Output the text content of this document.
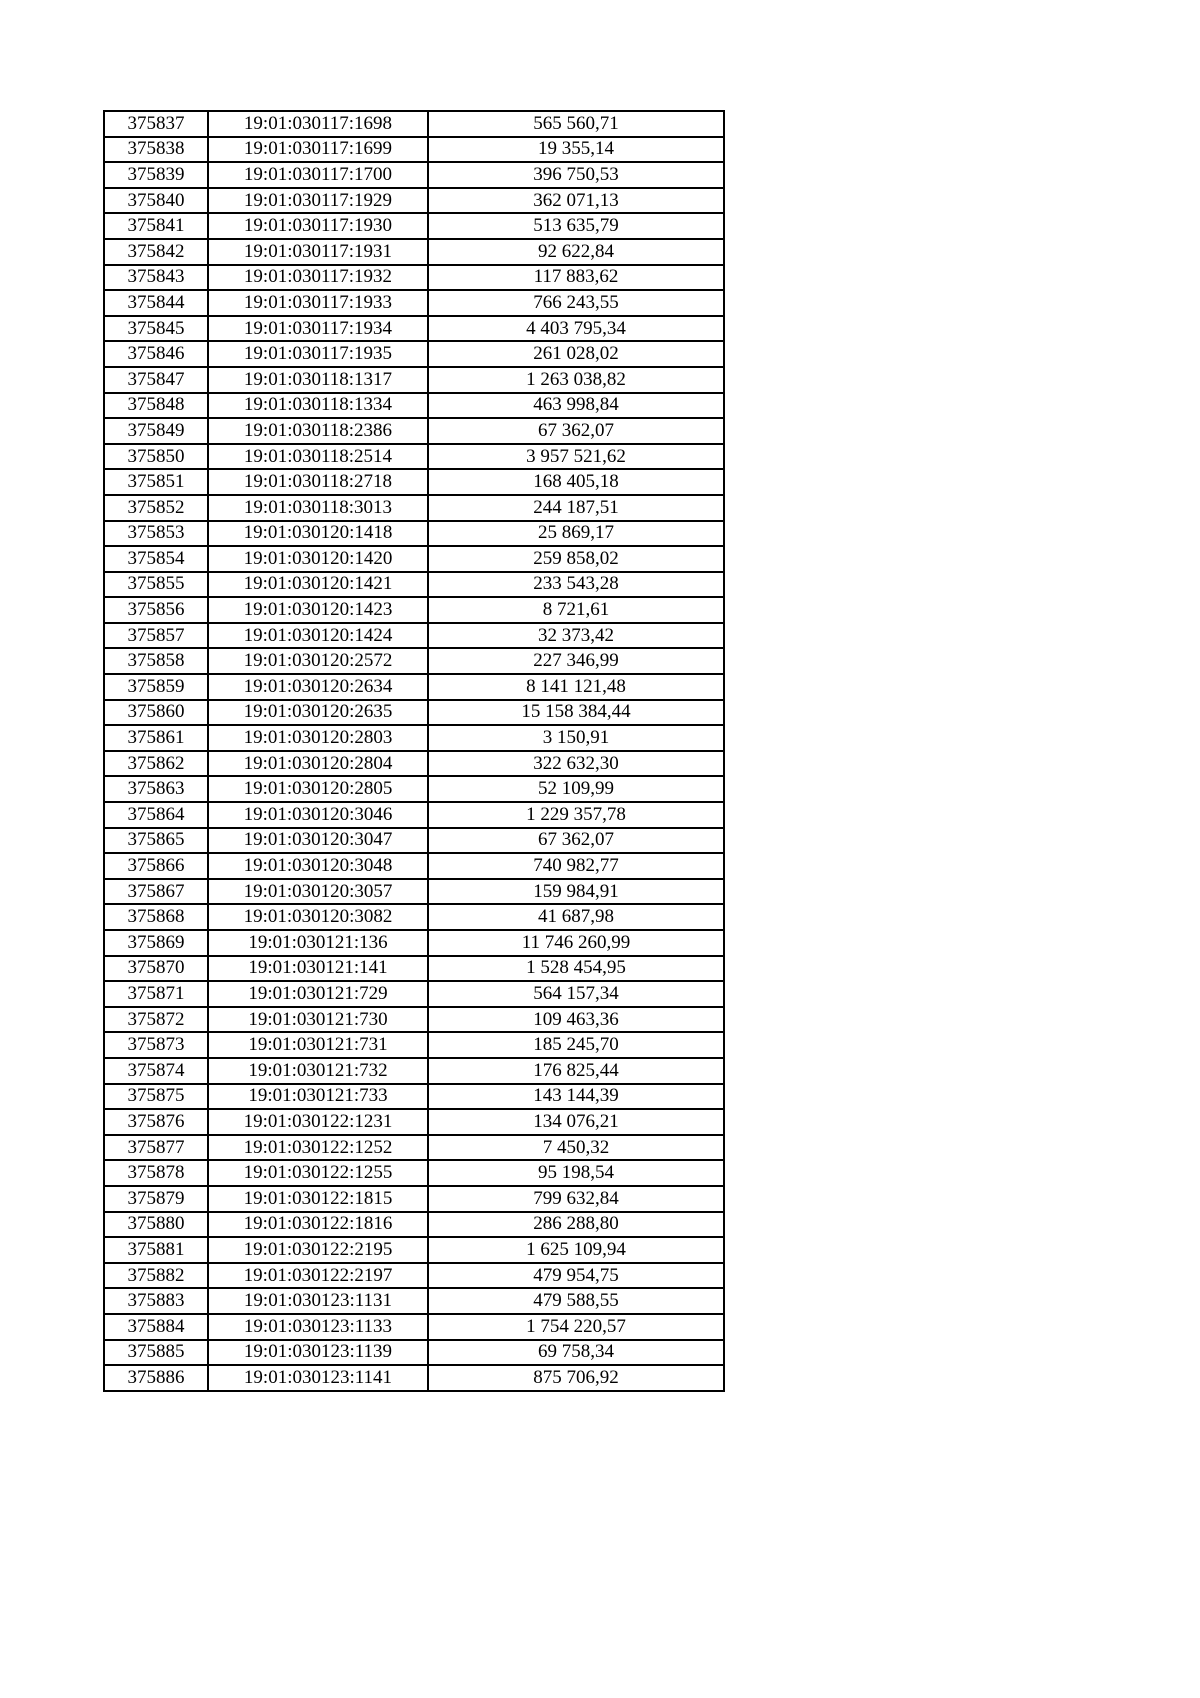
375837	19:01:030117:1698	565 560,71
375838	19:01:030117:1699	19 355,14
375839	19:01:030117:1700	396 750,53
375840	19:01:030117:1929	362 071,13
375841	19:01:030117:1930	513 635,79
375842	19:01:030117:1931	92 622,84
375843	19:01:030117:1932	117 883,62
375844	19:01:030117:1933	766 243,55
375845	19:01:030117:1934	4 403 795,34
375846	19:01:030117:1935	261 028,02
375847	19:01:030118:1317	1 263 038,82
375848	19:01:030118:1334	463 998,84
375849	19:01:030118:2386	67 362,07
375850	19:01:030118:2514	3 957 521,62
375851	19:01:030118:2718	168 405,18
375852	19:01:030118:3013	244 187,51
375853	19:01:030120:1418	25 869,17
375854	19:01:030120:1420	259 858,02
375855	19:01:030120:1421	233 543,28
375856	19:01:030120:1423	8 721,61
375857	19:01:030120:1424	32 373,42
375858	19:01:030120:2572	227 346,99
375859	19:01:030120:2634	8 141 121,48
375860	19:01:030120:2635	15 158 384,44
375861	19:01:030120:2803	3 150,91
375862	19:01:030120:2804	322 632,30
375863	19:01:030120:2805	52 109,99
375864	19:01:030120:3046	1 229 357,78
375865	19:01:030120:3047	67 362,07
375866	19:01:030120:3048	740 982,77
375867	19:01:030120:3057	159 984,91
375868	19:01:030120:3082	41 687,98
375869	19:01:030121:136	11 746 260,99
375870	19:01:030121:141	1 528 454,95
375871	19:01:030121:729	564 157,34
375872	19:01:030121:730	109 463,36
375873	19:01:030121:731	185 245,70
375874	19:01:030121:732	176 825,44
375875	19:01:030121:733	143 144,39
375876	19:01:030122:1231	134 076,21
375877	19:01:030122:1252	7 450,32
375878	19:01:030122:1255	95 198,54
375879	19:01:030122:1815	799 632,84
375880	19:01:030122:1816	286 288,80
375881	19:01:030122:2195	1 625 109,94
375882	19:01:030122:2197	479 954,75
375883	19:01:030123:1131	479 588,55
375884	19:01:030123:1133	1 754 220,57
375885	19:01:030123:1139	69 758,34
375886	19:01:030123:1141	875 706,92
